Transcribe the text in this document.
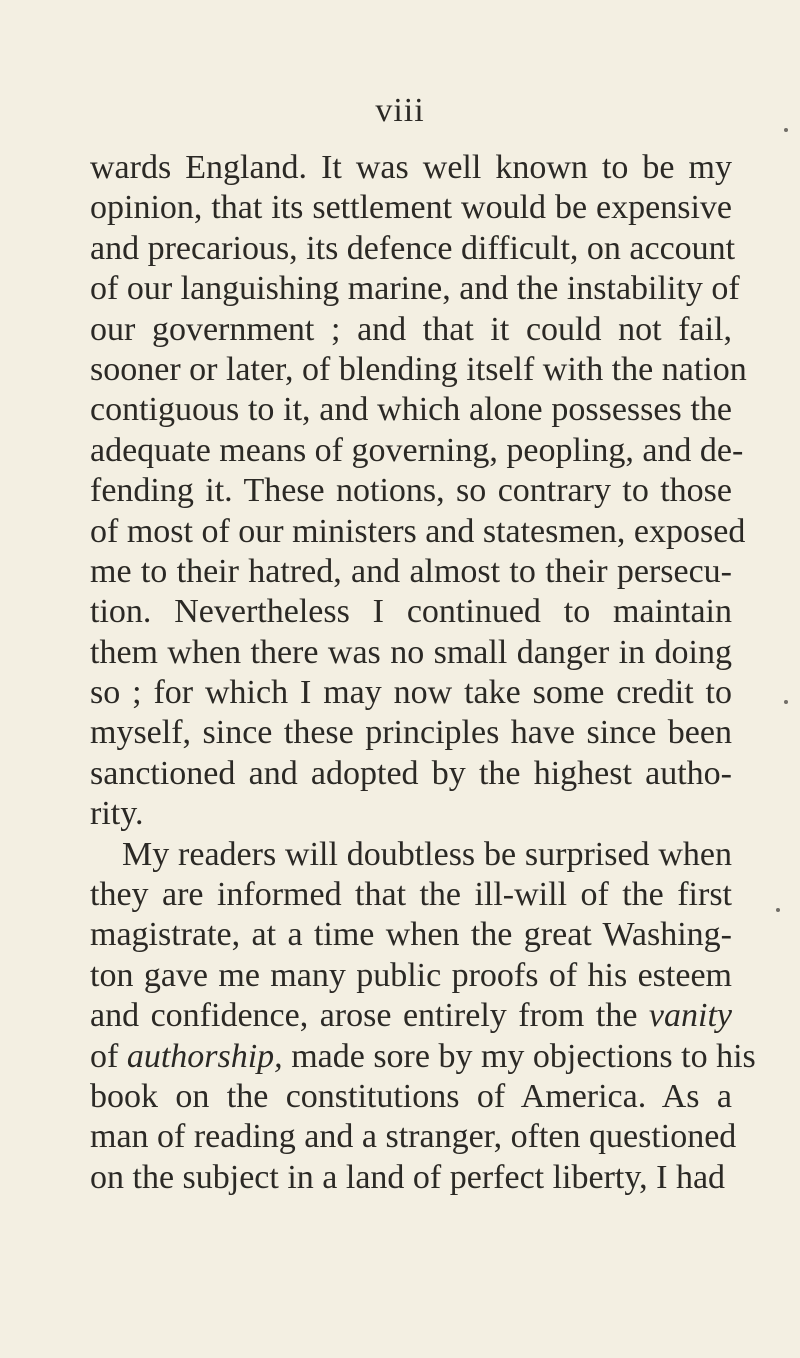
viii
wards England. It was well known to be my
opinion, that its settlement would be expensive
and precarious, its defence difficult, on account
of our languishing marine, and the instability of
our government ; and that it could not fail,
sooner or later, of blending itself with the nation
contiguous to it, and which alone possesses the
adequate means of governing, peopling, and de-
fending it. These notions, so contrary to those
of most of our ministers and statesmen, exposed
me to their hatred, and almost to their persecu-
tion. Nevertheless I continued to maintain
them when there was no small danger in doing
so ; for which I may now take some credit to
myself, since these principles have since been
sanctioned and adopted by the highest autho-
rity.
My readers will doubtless be surprised when
they are informed that the ill-will of the first
magistrate, at a time when the great Washing-
ton gave me many public proofs of his esteem
and confidence, arose entirely from the vanity
of authorship, made sore by my objections to his
book on the constitutions of America. As a
man of reading and a stranger, often questioned
on the subject in a land of perfect liberty, I had
